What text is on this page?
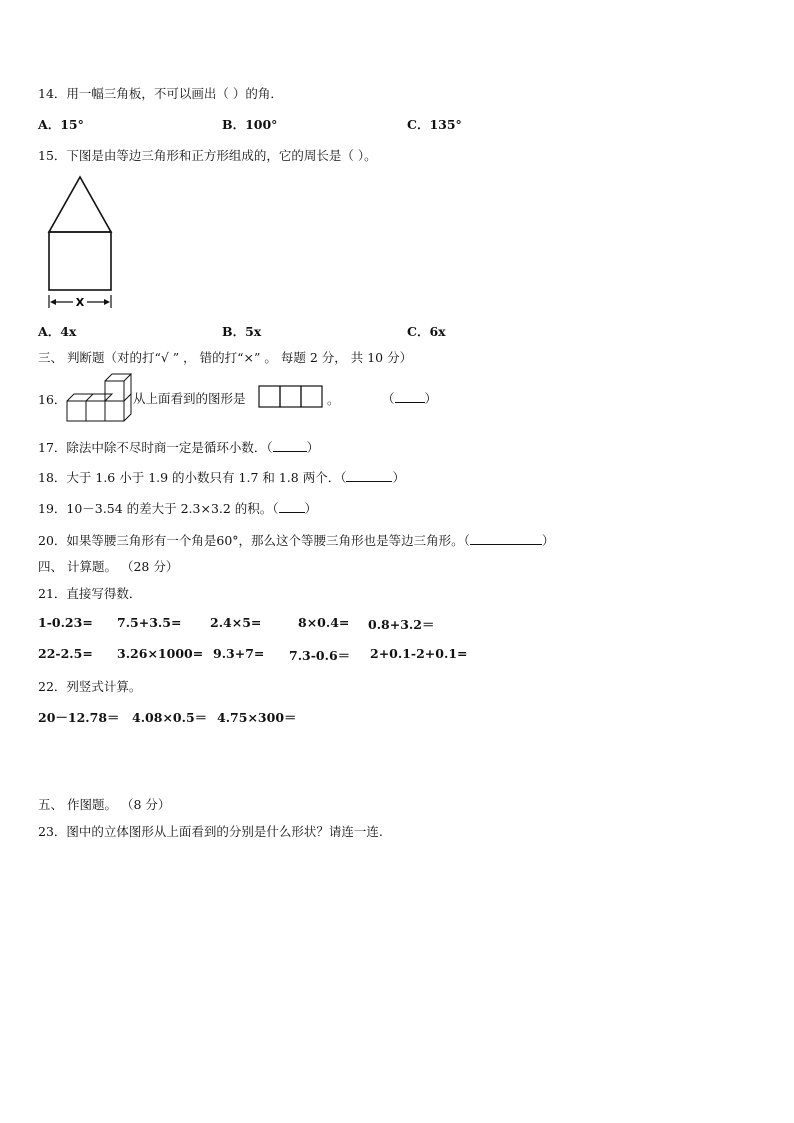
14．用一幅三角板，不可以画出（ ）的角．
A．15°	B．100°	C．135°
15．下图是由等边三角形和正方形组成的，它的周长是（ ）。
X
A．4x	B．5x	C．6x
三、 判断题（对的打“√ ” ， 错的打“×” 。 每题 2 分， 共 10 分）
16．	从上面看到的图形是	。	（ ）
17．除法中除不尽时商一定是循环小数．（	）
18．大于 1.6 小于 1.9 的小数只有 1.7 和 1.8 两个．（	）
19．10－3.54 的差大于 2.3×3.2 的积。（ ）
20．如果等腰三角形有一个角是60°，那么这个等腰三角形也是等边三角形。（	）
四、 计算题。 （28 分）
21．直接写得数．
1-0.23= 7.5+3.5= 2.4×5=	8×0.4= 0.8+3.2＝
22-2.5= 3.26×1000= 9.3+7= 7.3-0.6＝ 2+0.1-2+0.1=
22．列竖式计算。
20－12.78＝ 4.08×0.5＝ 4.75×300＝
五、 作图题。 （8 分）
23．图中的立体图形从上面看到的分别是什么形状？请连一连.
